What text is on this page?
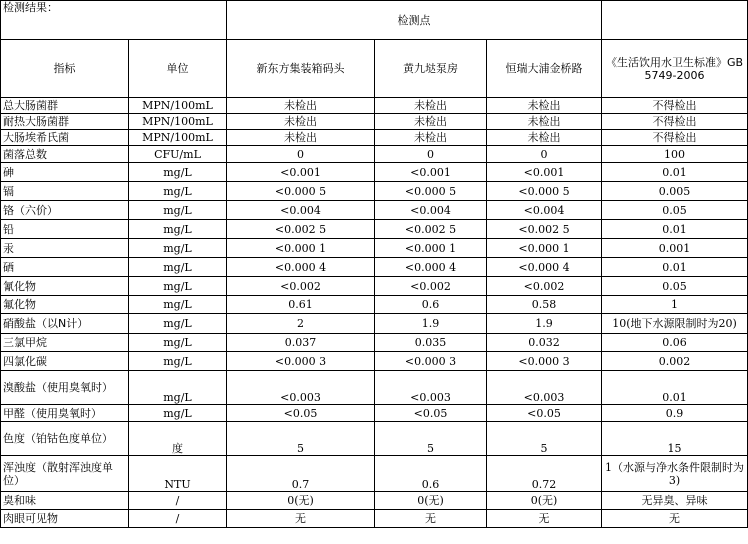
检测结果：		检测点			
指标	单位	新东方集装箱码头	黄九垯泵房	恒瑞大浦金桥路	《生活饮用水卫生标准》GB5749-2006
总大肠菌群	MPN/100mL	未检出	未检出	未检出	不得检出
耐热大肠菌群	MPN/100mL	未检出	未检出	未检出	不得检出
大肠埃希氏菌	MPN/100mL	未检出	未检出	未检出	不得检出
菌落总数	CFU/mL	0	0	0	100
砷	mg/L	<0.001	<0.001	<0.001	0.01
镉	mg/L	<0.000 5	<0.000 5	<0.000 5	0.005
铬（六价）	mg/L	<0.004	<0.004	<0.004	0.05
铅	mg/L	<0.002 5	<0.002 5	<0.002 5	0.01
汞	mg/L	<0.000 1	<0.000 1	<0.000 1	0.001
硒	mg/L	<0.000 4	<0.000 4	<0.000 4	0.01
氰化物	mg/L	<0.002	<0.002	<0.002	0.05
氟化物	mg/L	0.61	0.6	0.58	1
硝酸盐（以N计）	mg/L	2	1.9	1.9	10(地下水源限制时为20)
三氯甲烷	mg/L	0.037	0.035	0.032	0.06
四氯化碳	mg/L	<0.000 3	<0.000 3	<0.000 3	0.002
溴酸盐（使用臭氧时）	mg/L	<0.003	<0.003	<0.003	0.01
甲醛（使用臭氧时）	mg/L	<0.05	<0.05	<0.05	0.9
色度（铂钴色度单位）	度	5	5	5	15
浑浊度（散射浑浊度单位）	NTU	0.7	0.6	0.72	1（水源与净水条件限制时为3)
臭和味	/	0(无)	0(无)	0(无)	无异臭、异味
肉眼可见物	/	无	无	无	无
